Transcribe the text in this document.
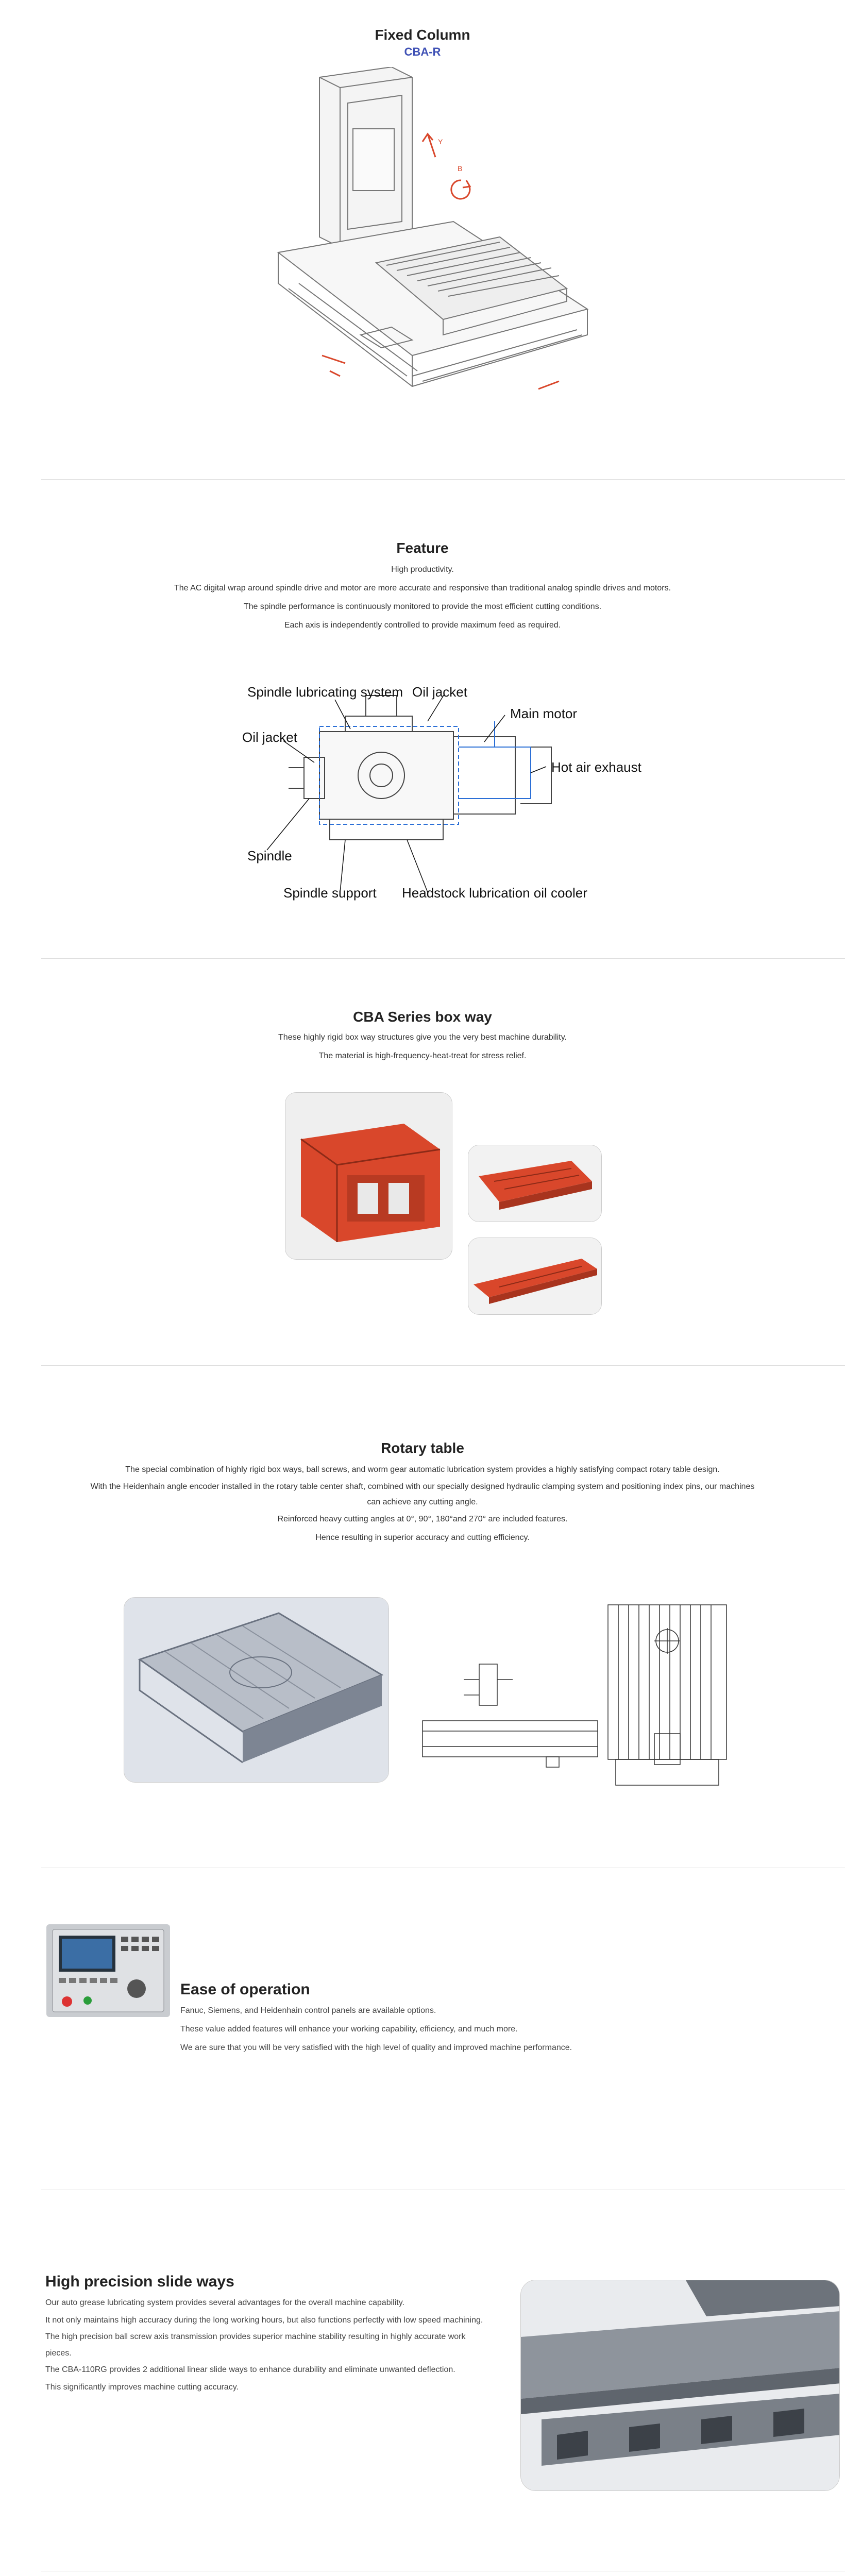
Fixed Column
CBA-R
B
Y
Feature
High productivity.
The AC digital wrap around spindle drive and motor are more accurate and responsive than traditional analog spindle drives and motors.
The spindle performance is continuously monitored to provide the most efficient cutting conditions.
Each axis is independently controlled to provide maximum feed as required.
Spindle lubricating system Oil jacket
Main motor
Oil jacket
Hot air exhaust
Spindle
Spindle support Headstock lubrication oil cooler
CBA Series box way
These highly rigid box way structures give you the very best machine durability.
The material is high-frequency-heat-treat for stress relief.
Rotary table
The special combination of highly rigid box ways, ball screws, and worm gear automatic lubrication system provides a highly satisfying compact rotary table design.
With the Heidenhain angle encoder installed in the rotary table center shaft, combined with our specially designed hydraulic clamping system and positioning index pins, our machines can achieve any cutting angle.
Reinforced heavy cutting angles at 0°, 90°, 180°and 270° are included features.
Hence resulting in superior accuracy and cutting efficiency.
Ease of operation
Fanuc, Siemens, and Heidenhain control panels are available options.
These value added features will enhance your working capability, efficiency, and much more.
We are sure that you will be very satisfied with the high level of quality and improved machine performance.
High precision slide ways
Our auto grease lubricating system provides several advantages for the overall machine capability.
It not only maintains high accuracy during the long working hours, but also functions perfectly with low speed machining.
The high precision ball screw axis transmission provides superior machine stability resulting in highly accurate work pieces.
The CBA-110RG provides 2 additional linear slide ways to enhance durability and eliminate unwanted deflection.
This significantly improves machine cutting accuracy.
